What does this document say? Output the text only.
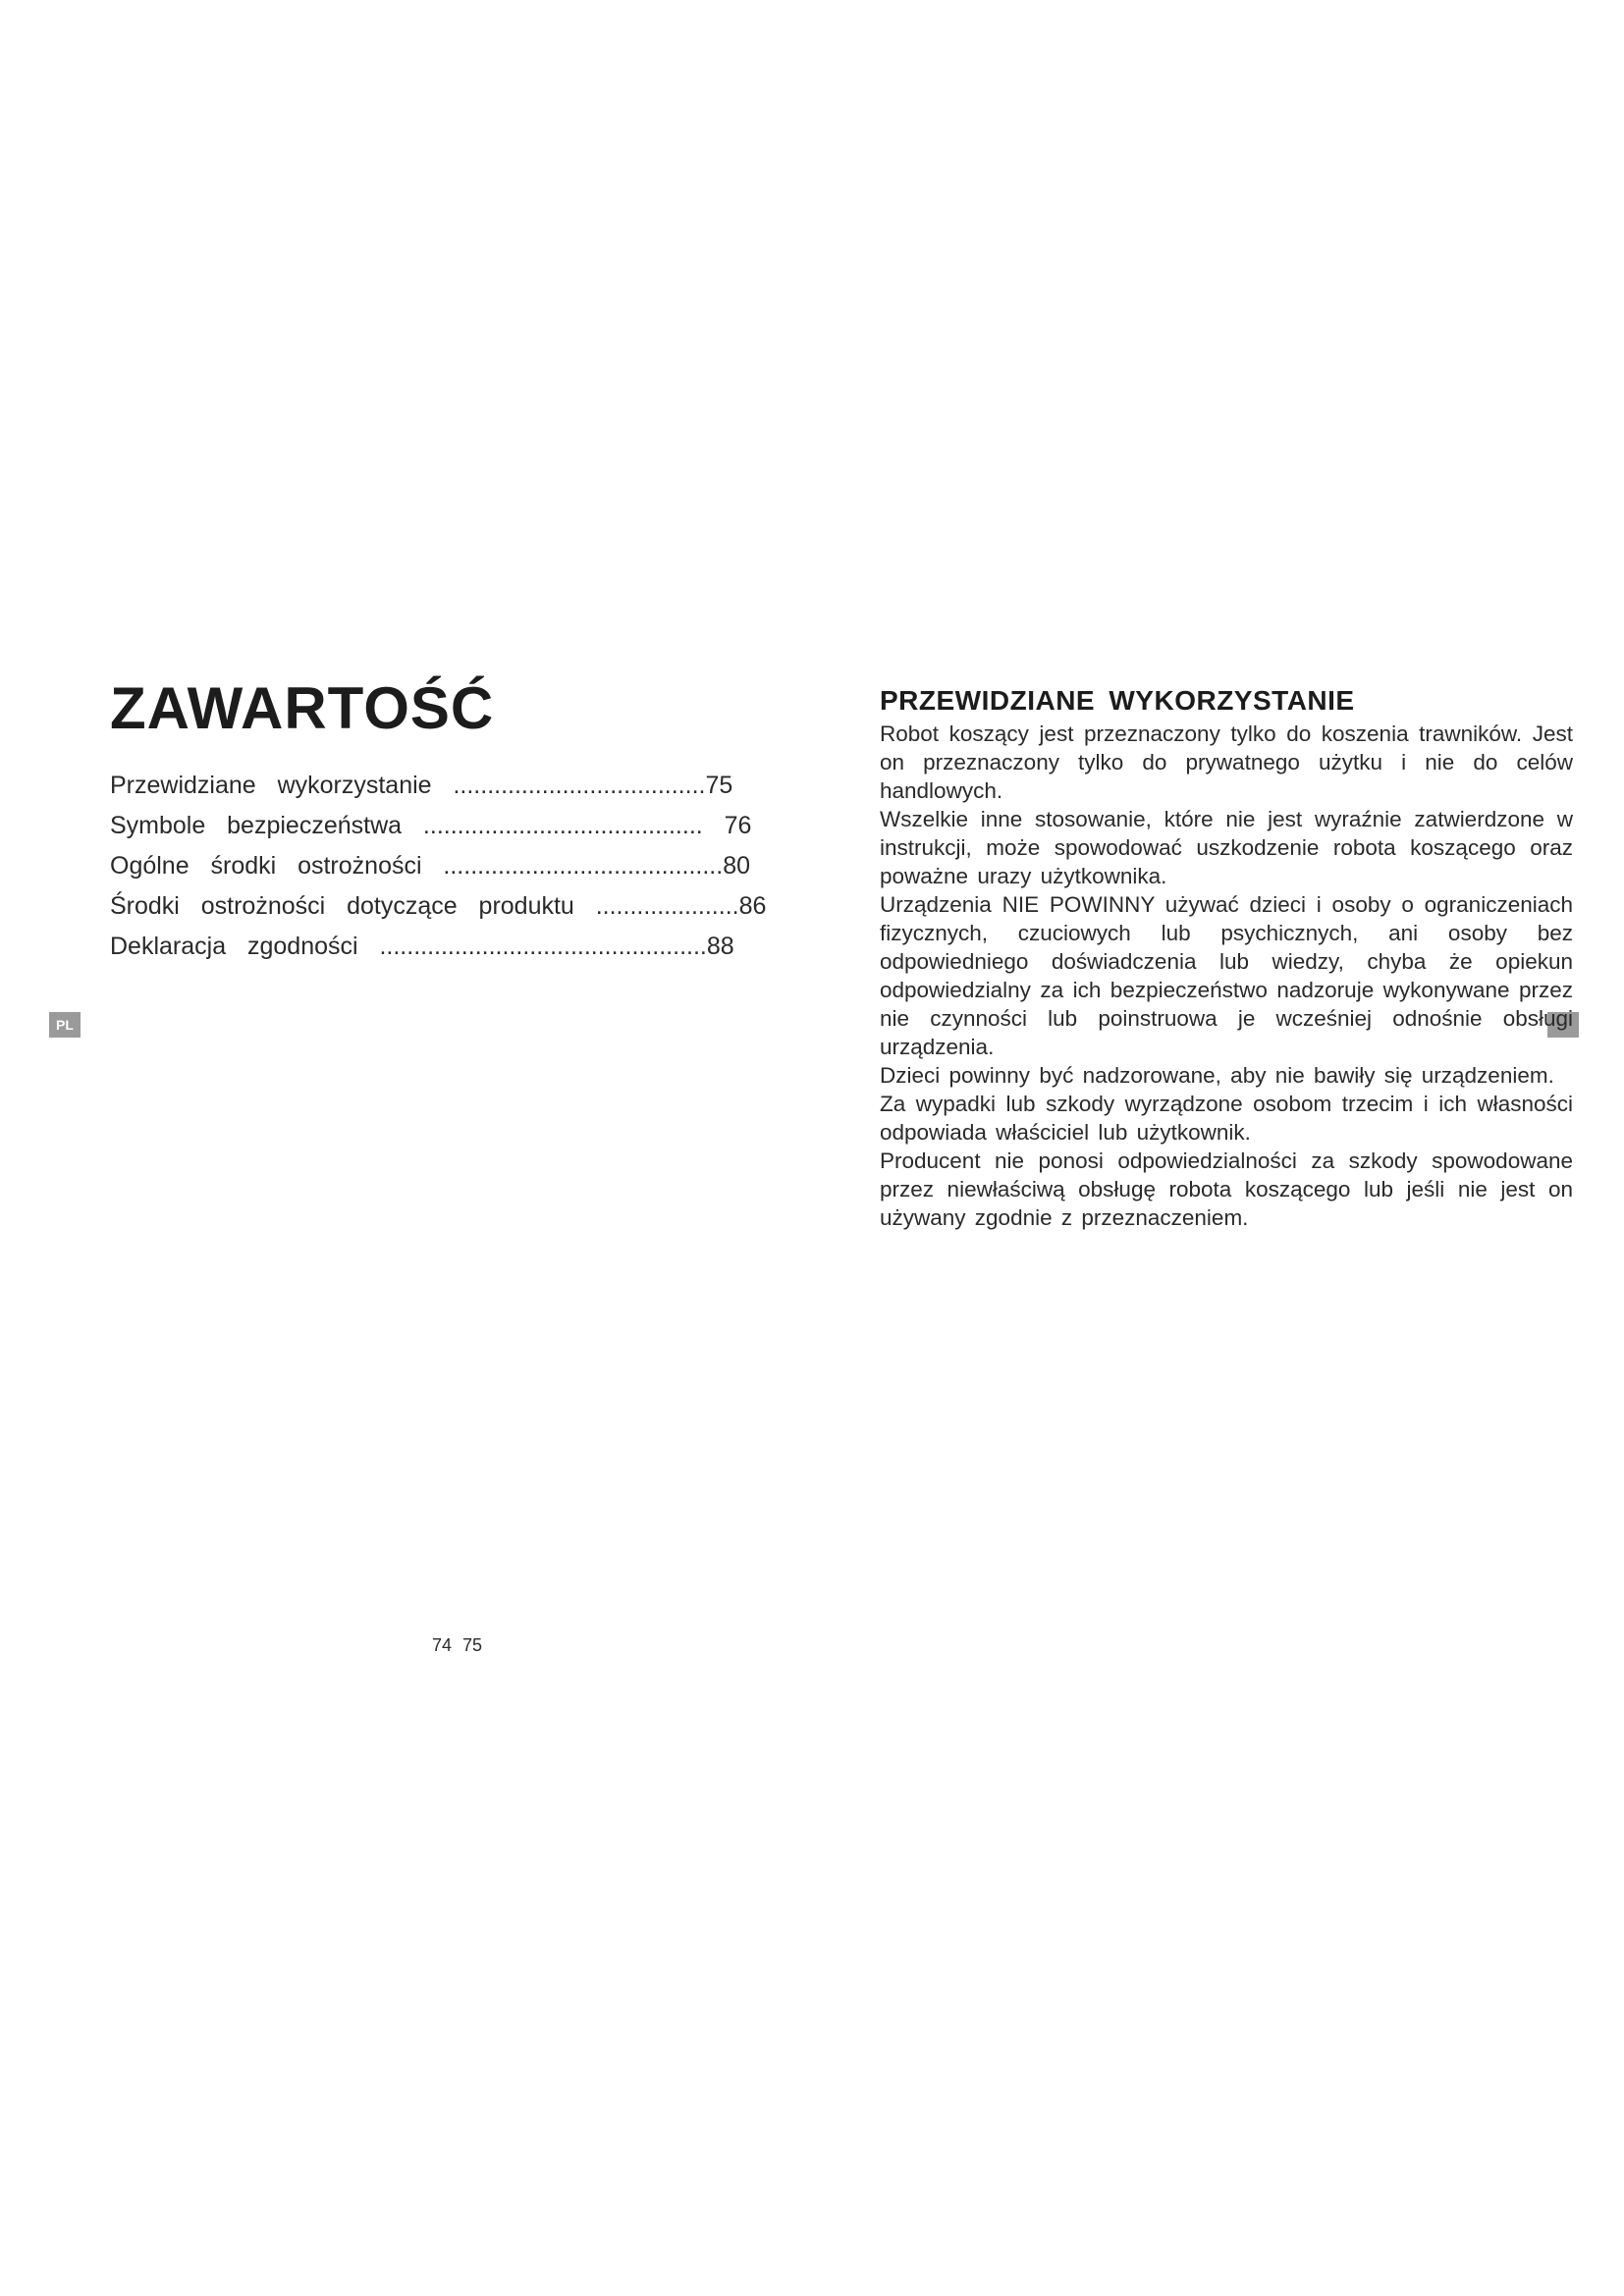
ZAWARTOŚĆ
Przewidziane  wykorzystanie  .....................................75
Symbole  bezpieczeństwa  .........................................  76
Ogólne  środki  ostrożności  .........................................80
Środki  ostrożności  dotyczące  produktu  .....................86
Deklaracja  zgodności  ................................................88
PL
74 75
PRZEWIDZIANE WYKORZYSTANIE

Robot koszący jest przeznaczony tylko do koszenia trawników. Jest on przeznaczony tylko do prywatnego użytku i nie do celów handlowych.

Wszelkie inne stosowanie, które nie jest wyraźnie zatwierdzone w instrukcji, może spowodować uszkodzenie robota koszącego oraz poważne urazy użytkownika.

Urządzenia NIE POWINNY używać dzieci i osoby o ograniczeniach fizycznych, czuciowych lub psychicznych, ani osoby bez odpowiedniego doświadczenia lub wiedzy, chyba że opiekun odpowiedzialny za ich bezpieczeństwo nadzoruje wykonywane przez nie czynności lub poinstruowa je wcześniej odnośnie obsługi urządzenia.

Dzieci powinny być nadzorowane, aby nie bawiły się urządzeniem.

Za wypadki lub szkody wyrządzone osobom trzecim i ich własności odpowiada właściciel lub użytkownik.

Producent nie ponosi odpowiedzialności za szkody spowodowane przez niewłaściwą obsługę robota koszącego lub jeśli nie jest on używany zgodnie z przeznaczeniem.
